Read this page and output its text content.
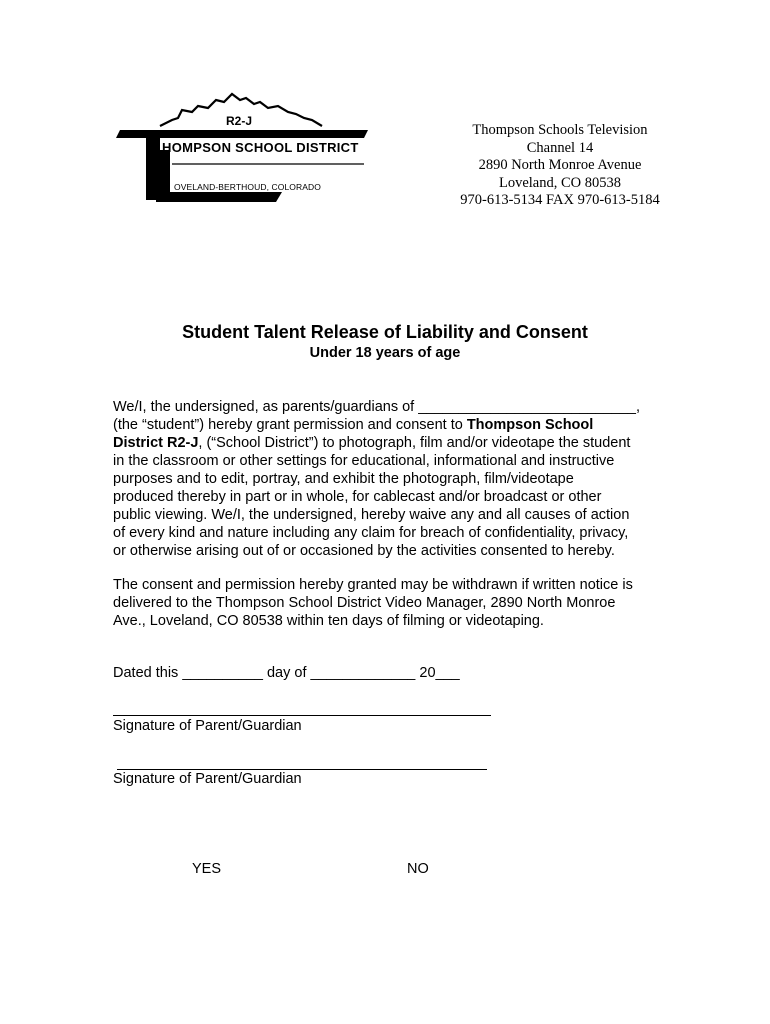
R2-J
HOMPSON SCHOOL DISTRICT
OVELAND-BERTHOUD, COLORADO
Thompson Schools Television
Channel 14
2890 North Monroe Avenue
Loveland, CO 80538
970-613-5134 FAX 970-613-5184
Student Talent Release of Liability and Consent
Under 18 years of age
We/I, the undersigned, as parents/guardians of ___________________________,
(the “student”) hereby grant permission and consent to Thompson School
District R2-J, (“School District”) to photograph, film and/or videotape the student
in the classroom or other settings for educational, informational and instructive
purposes and to edit, portray, and exhibit the photograph, film/videotape
produced thereby in part or in whole, for cablecast and/or broadcast or other
public viewing. We/I, the undersigned, hereby waive any and all causes of action
of every kind and nature including any claim for breach of confidentiality, privacy,
or otherwise arising out of or occasioned by the activities consented to hereby.
The consent and permission hereby granted may be withdrawn if written notice is
delivered to the Thompson School District Video Manager, 2890 North Monroe
Ave., Loveland, CO 80538 within ten days of filming or videotaping.
Dated this __________ day of _____________ 20___
Signature of Parent/Guardian
Signature of Parent/Guardian
YES	NO
